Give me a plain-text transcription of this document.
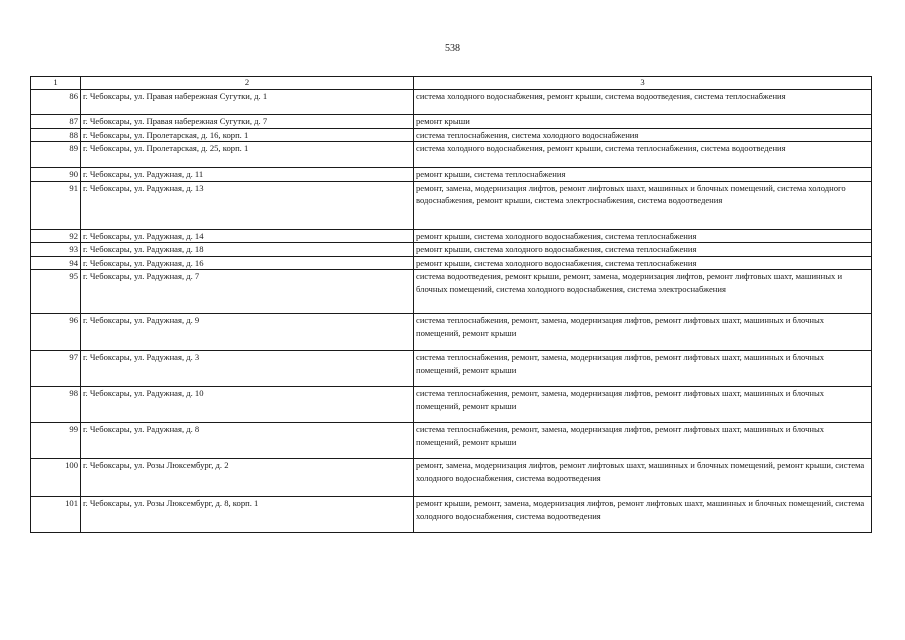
538
1	2	3
86	г. Чебоксары, ул. Правая набережная Сугутки, д. 1	система холодного водоснабжения, ремонт крыши, система водоотведения, система теплоснабжения
87	г. Чебоксары, ул. Правая набережная Сугутки, д. 7	ремонт крыши
88	г. Чебоксары, ул. Пролетарская, д. 16, корп. 1	система теплоснабжения, система холодного водоснабжения
89	г. Чебоксары, ул. Пролетарская, д. 25, корп. 1	система холодного водоснабжения, ремонт крыши, система теплоснабжения, система водоотведения
90	г. Чебоксары, ул. Радужная, д. 11	ремонт крыши, система теплоснабжения
91	г. Чебоксары, ул. Радужная, д. 13	ремонт, замена, модернизация лифтов, ремонт лифтовых шахт, машинных и блочных помещений, система холодного водоснабжения, ремонт крыши, система электроснабжения, система водоотведения
92	г. Чебоксары, ул. Радужная, д. 14	ремонт крыши, система холодного водоснабжения, система теплоснабжения
93	г. Чебоксары, ул. Радужная, д. 18	ремонт крыши, система холодного водоснабжения, система теплоснабжения
94	г. Чебоксары, ул. Радужная, д. 16	ремонт крыши, система холодного водоснабжения, система теплоснабжения
95	г. Чебоксары, ул. Радужная, д. 7	система водоотведения, ремонт крыши, ремонт, замена, модернизация лифтов, ремонт лифтовых шахт, машинных и блочных помещений, система холодного водоснабжения, система электроснабжения
96	г. Чебоксары, ул. Радужная, д. 9	система теплоснабжения, ремонт, замена, модернизация лифтов, ремонт лифтовых шахт, машинных и блочных помещений, ремонт крыши
97	г. Чебоксары, ул. Радужная, д. 3	система теплоснабжения, ремонт, замена, модернизация лифтов, ремонт лифтовых шахт, машинных и блочных помещений, ремонт крыши
98	г. Чебоксары, ул. Радужная, д. 10	система теплоснабжения, ремонт, замена, модернизация лифтов, ремонт лифтовых шахт, машинных и блочных помещений, ремонт крыши
99	г. Чебоксары, ул. Радужная, д. 8	система теплоснабжения, ремонт, замена, модернизация лифтов, ремонт лифтовых шахт, машинных и блочных помещений, ремонт крыши
100	г. Чебоксары, ул. Розы Люксембург, д. 2	ремонт, замена, модернизация лифтов, ремонт лифтовых шахт, машинных и блочных помещений, ремонт крыши, система холодного водоснабжения, система водоотведения
101	г. Чебоксары, ул. Розы Люксембург, д. 8, корп. 1	ремонт крыши, ремонт, замена, модернизация лифтов, ремонт лифтовых шахт, машинных и блочных помещений, система холодного водоснабжения, система водоотведения
